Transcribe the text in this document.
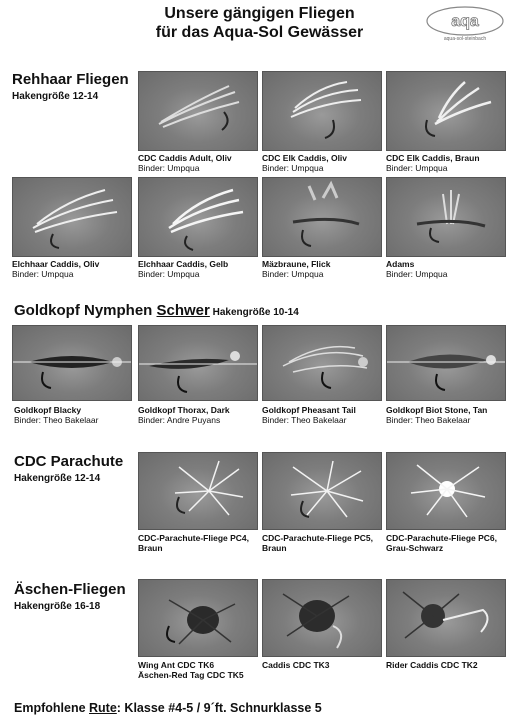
Unsere gängigen Fliegen
für das Aqua-Sol Gewässer
aqa
aqua-sol-steinbach
Rehhaar Fliegen
Hakengröße 12-14
CDC Caddis Adult, Oliv
Binder: Umpqua
CDC Elk Caddis, Oliv
Binder: Umpqua
CDC Elk Caddis, Braun
Binder: Umpqua
Elchhaar Caddis, Oliv
Binder: Umpqua
Elchhaar Caddis, Gelb
Binder: Umpqua
Mäzbraune, Flick
Binder: Umpqua
Adams
Binder: Umpqua
Goldkopf Nymphen Schwer Hakengröße 10-14
Goldkopf Blacky
Binder: Theo Bakelaar
Goldkopf Thorax, Dark
Binder: Andre Puyans
Goldkopf Pheasant Tail
Binder: Theo Bakelaar
Goldkopf Biot Stone, Tan
Binder: Theo Bakelaar
CDC Parachute
Hakengröße 12-14
CDC-Parachute-Fliege PC4,
Braun
CDC-Parachute-Fliege PC5,
Braun
CDC-Parachute-Fliege PC6,
Grau-Schwarz
Äschen-Fliegen
Hakengröße 16-18
Wing Ant CDC TK6
Äschen-Red Tag CDC TK5
Caddis CDC TK3	Rider Caddis CDC TK2
Empfohlene Rute: Klasse #4-5 / 9´ft. Schnurklasse 5
